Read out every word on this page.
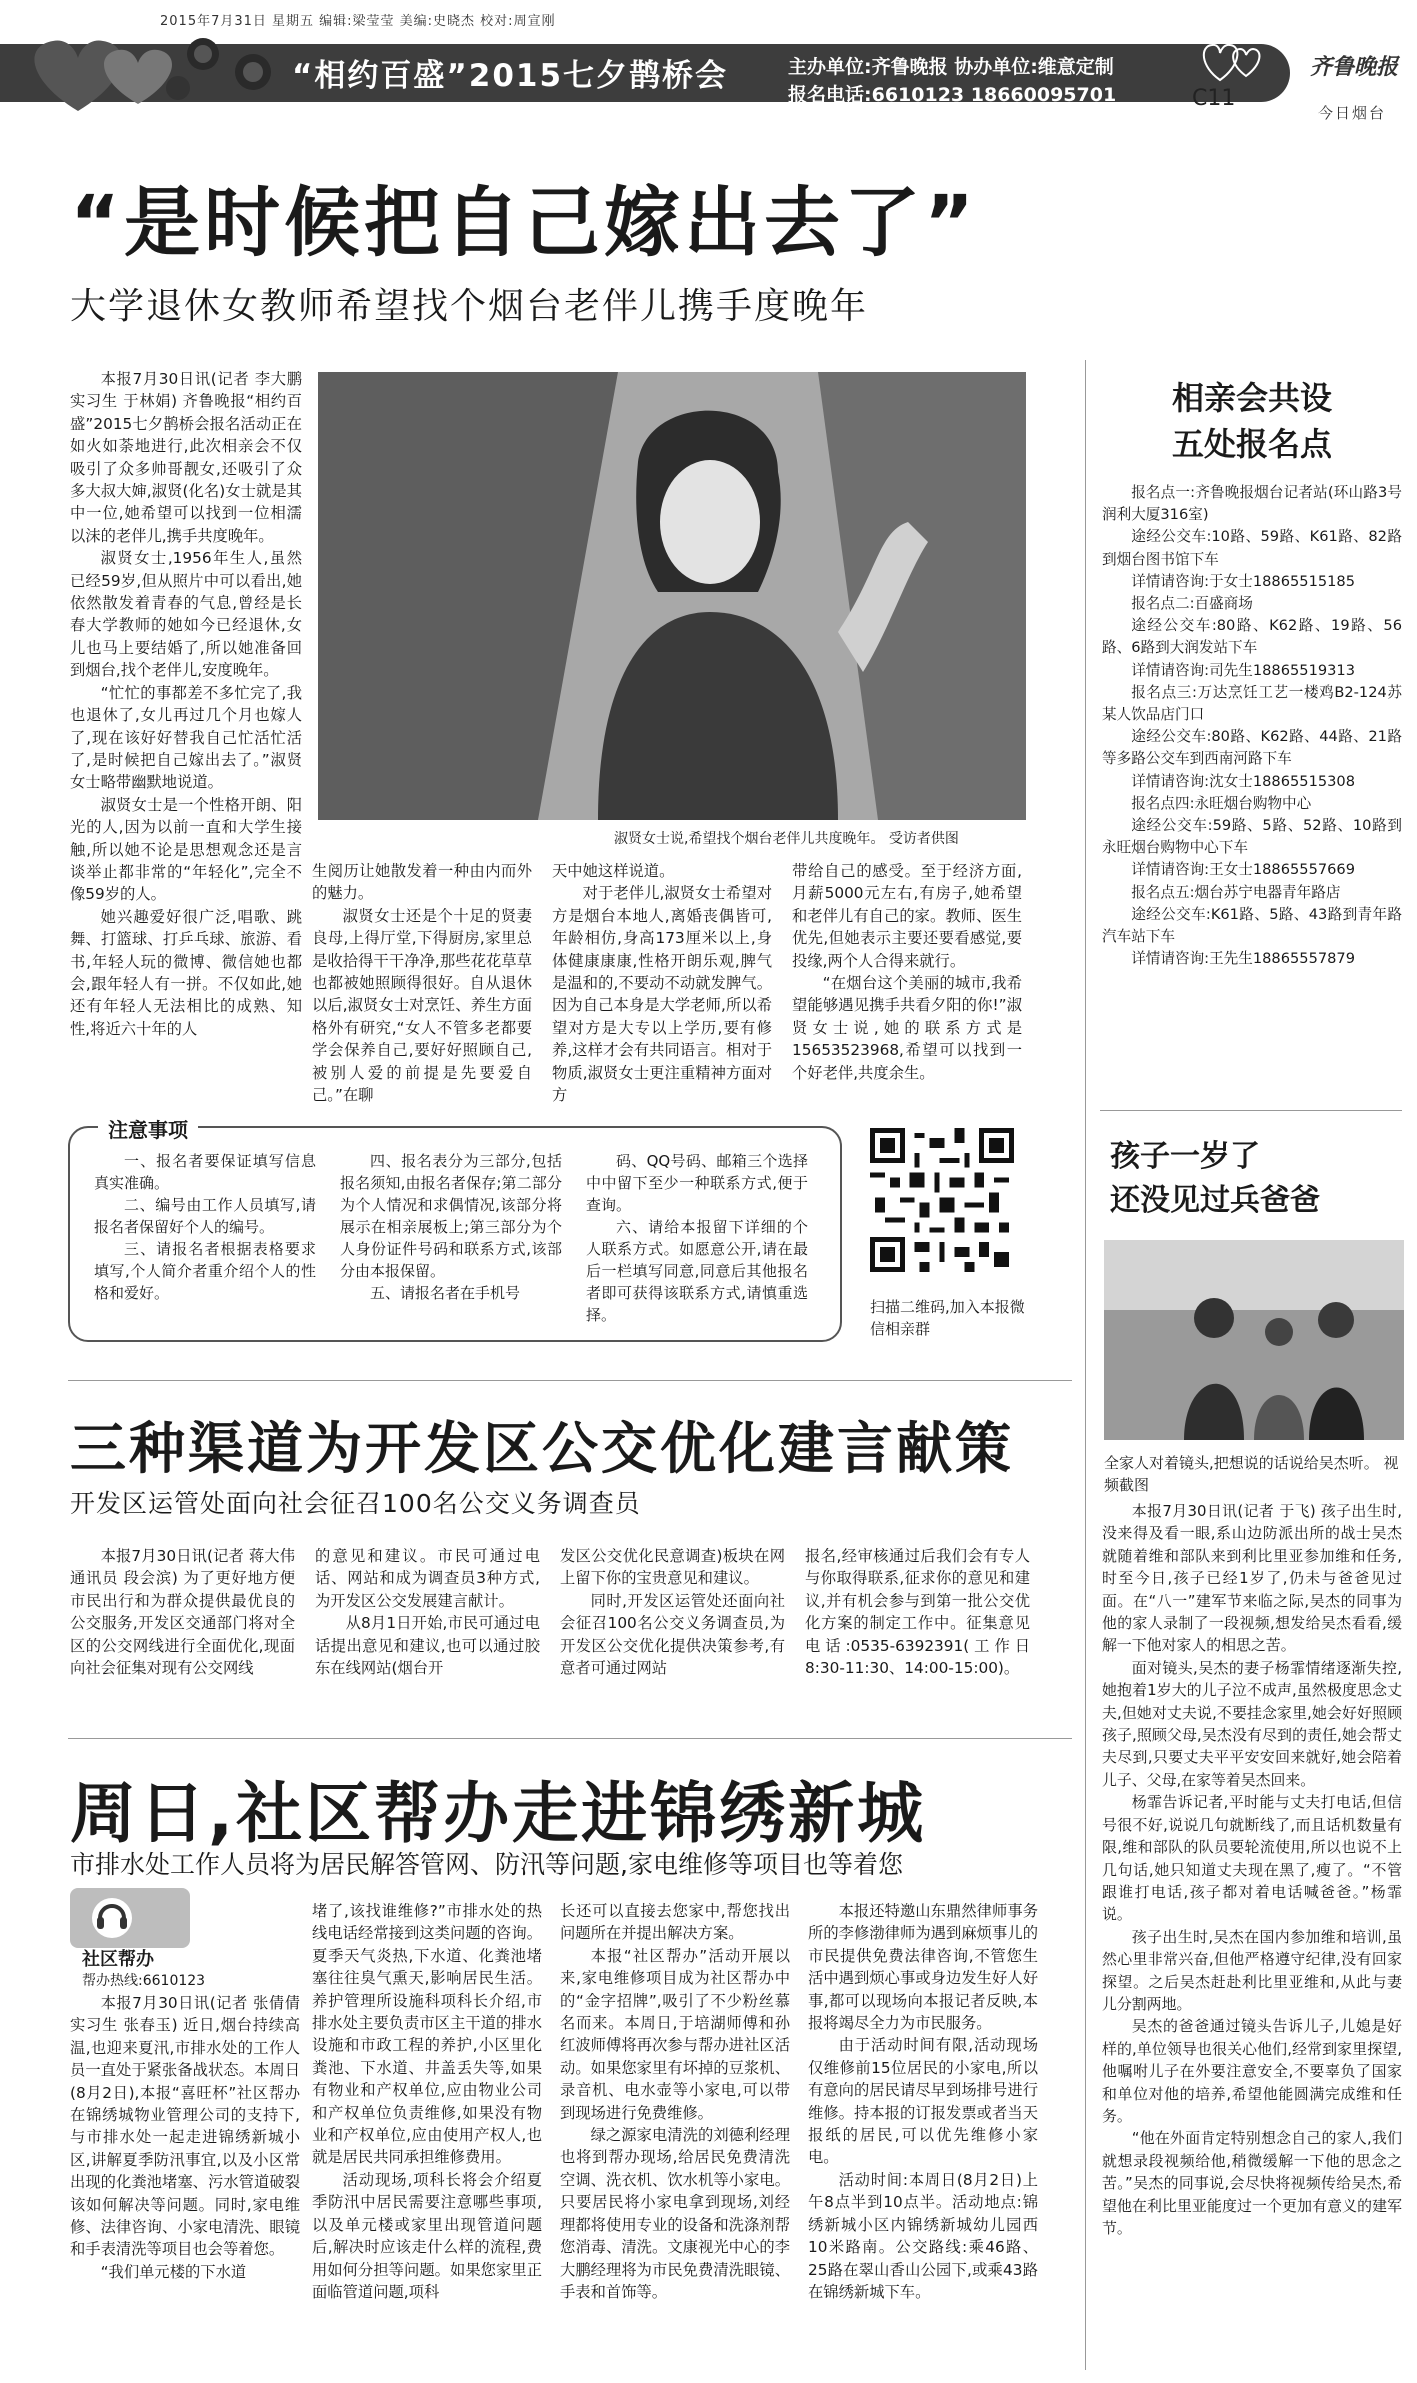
2015年7月31日 星期五 编辑:梁莹莹 美编:史晓杰 校对:周宣刚
“相约百盛”2015七夕鹊桥会	主办单位:齐鲁晚报 协办单位:维意定制
报名电话:6610123 18660095701	C11
齐鲁晚报
今日烟台
“是时候把自己嫁出去了”
大学退休女教师希望找个烟台老伴儿携手度晚年

本报7月30日讯(记者 李大鹏 实习生 于林娟) 齐鲁晚报“相约百盛”2015七夕鹊桥会报名活动正在如火如荼地进行,此次相亲会不仅吸引了众多帅哥靓女,还吸引了众多大叔大婶,淑贤(化名)女士就是其中一位,她希望可以找到一位相濡以沫的老伴儿,携手共度晚年。

淑贤女士,1956年生人,虽然已经59岁,但从照片中可以看出,她依然散发着青春的气息,曾经是长春大学教师的她如今已经退休,女儿也马上要结婚了,所以她准备回到烟台,找个老伴儿,安度晚年。

“忙忙的事都差不多忙完了,我也退休了,女儿再过几个月也嫁人了,现在该好好替我自己忙活忙活了,是时候把自己嫁出去了。”淑贤女士略带幽默地说道。

淑贤女士是一个性格开朗、阳光的人,因为以前一直和大学生接触,所以她不论是思想观念还是言谈举止都非常的“年轻化”,完全不像59岁的人。

她兴趣爱好很广泛,唱歌、跳舞、打篮球、打乒乓球、旅游、看书,年轻人玩的微博、微信她也都会,跟年轻人有一拼。不仅如此,她还有年轻人无法相比的成熟、知性,将近六十年的人

淑贤女士说,希望找个烟台老伴儿共度晚年。 受访者供图

生阅历让她散发着一种由内而外的魅力。

淑贤女士还是个十足的贤妻良母,上得厅堂,下得厨房,家里总是收拾得干干净净,那些花花草草也都被她照顾得很好。自从退休以后,淑贤女士对烹饪、养生方面格外有研究,“女人不管多老都要学会保养自己,要好好照顾自己,被别人爱的前提是先要爱自己。”在聊

天中她这样说道。

对于老伴儿,淑贤女士希望对方是烟台本地人,离婚丧偶皆可,年龄相仿,身高173厘米以上,身体健康康康,性格开朗乐观,脾气是温和的,不要动不动就发脾气。因为自己本身是大学老师,所以希望对方是大专以上学历,要有修养,这样才会有共同语言。相对于物质,淑贤女士更注重精神方面对方

带给自己的感受。至于经济方面,月薪5000元左右,有房子,她希望和老伴儿有自己的家。教师、医生优先,但她表示主要还要看感觉,要投缘,两个人合得来就行。

“在烟台这个美丽的城市,我希望能够遇见携手共看夕阳的你!”淑贤女士说,她的联系方式是15653523968,希望可以找到一个好老伴,共度余生。

注意事项

一、报名者要保证填写信息真实准确。

二、编号由工作人员填写,请报名者保留好个人的编号。

三、请报名者根据表格要求填写,个人简介者重介绍个人的性格和爱好。

四、报名表分为三部分,包括报名须知,由报名者保存;第二部分为个人情况和求偶情况,该部分将展示在相亲展板上;第三部分为个人身份证件号码和联系方式,该部分由本报保留。

五、请报名者在手机号

码、QQ号码、邮箱三个选择中中留下至少一种联系方式,便于查询。

六、请给本报留下详细的个人联系方式。如愿意公开,请在最后一栏填写同意,同意后其他报名者即可获得该联系方式,请慎重选择。	扫描二维码,加入本报微信相亲群
相亲会共设
五处报名点

报名点一:齐鲁晚报烟台记者站(环山路3号润利大厦316室)

途经公交车:10路、59路、K61路、82路到烟台图书馆下车

详情请咨询:于女士18865515185

报名点二:百盛商场

途经公交车:80路、K62路、19路、56路、6路到大润发站下车

详情请咨询:司先生18865519313

报名点三:万达烹饪工艺一楼鸡B2-124苏某人饮品店门口

途经公交车:80路、K62路、44路、21路等多路公交车到西南河路下车

详情请咨询:沈女士18865515308

报名点四:永旺烟台购物中心

途经公交车:59路、5路、52路、10路到永旺烟台购物中心下车

详情请咨询:王女士18865557669

报名点五:烟台苏宁电器青年路店

途经公交车:K61路、5路、43路到青年路汽车站下车

详情请咨询:王先生18865557879

孩子一岁了
还没见过兵爸爸
全家人对着镜头,把想说的话说给吴杰听。 视频截图

本报7月30日讯(记者 于飞) 孩子出生时,没来得及看一眼,系山边防派出所的战士吴杰就随着维和部队来到利比里亚参加维和任务,时至今日,孩子已经1岁了,仍未与爸爸见过面。在“八一”建军节来临之际,吴杰的同事为他的家人录制了一段视频,想发给吴杰看看,缓解一下他对家人的相思之苦。

面对镜头,吴杰的妻子杨霏情绪逐渐失控,她抱着1岁大的儿子泣不成声,虽然极度思念丈夫,但她对丈夫说,不要挂念家里,她会好好照顾孩子,照顾父母,吴杰没有尽到的责任,她会帮丈夫尽到,只要丈夫平平安安回来就好,她会陪着儿子、父母,在家等着吴杰回来。

杨霏告诉记者,平时能与丈夫打电话,但信号很不好,说说几句就断线了,而且话机数量有限,维和部队的队员要轮流使用,所以也说不上几句话,她只知道丈夫现在黑了,瘦了。“不管跟谁打电话,孩子都对着电话喊爸爸。”杨霏说。

孩子出生时,吴杰在国内参加维和培训,虽然心里非常兴奋,但他严格遵守纪律,没有回家探望。之后吴杰赶赴利比里亚维和,从此与妻儿分割两地。

吴杰的爸爸通过镜头告诉儿子,儿媳是好样的,单位领导也很关心他们,经常到家里探望,他嘱咐儿子在外要注意安全,不要辜负了国家和单位对他的培养,希望他能圆满完成维和任务。

“他在外面肯定特别想念自己的家人,我们就想录段视频给他,稍微缓解一下他的思念之苦。”吴杰的同事说,会尽快将视频传给吴杰,希望他在利比里亚能度过一个更加有意义的建军节。

三种渠道为开发区公交优化建言献策
开发区运管处面向社会征召100名公交义务调查员

本报7月30日讯(记者 蒋大伟 通讯员 段会滨) 为了更好地方便市民出行和为群众提供最优良的公交服务,开发区交通部门将对全区的公交网线进行全面优化,现面向社会征集对现有公交网线

的意见和建议。市民可通过电话、网站和成为调查员3种方式,为开发区公交发展建言献计。

从8月1日开始,市民可通过电话提出意见和建议,也可以通过胶东在线网站(烟台开

发区公交优化民意调查)板块在网上留下你的宝贵意见和建议。

同时,开发区运管处还面向社会征召100名公交义务调查员,为开发区公交优化提供决策参考,有意者可通过网站

报名,经审核通过后我们会有专人与你取得联系,征求你的意见和建议,并有机会参与到第一批公交优化方案的制定工作中。征集意见电话:0535-6392391(工作日8:30-11:30、14:00-15:00)。

周日,社区帮办走进锦绣新城
市排水处工作人员将为居民解答管网、防汛等问题,家电维修等项目也等着您
社区帮办
帮办热线:6610123

本报7月30日讯(记者 张倩倩 实习生 张春玉) 近日,烟台持续高温,也迎来夏汛,市排水处的工作人员一直处于紧张备战状态。本周日(8月2日),本报“喜旺杯”社区帮办在锦绣城物业管理公司的支持下,与市排水处一起走进锦绣新城小区,讲解夏季防汛事宜,以及小区常出现的化粪池堵塞、污水管道破裂该如何解决等问题。同时,家电维修、法律咨询、小家电清洗、眼镜和手表清洗等项目也会等着您。

“我们单元楼的下水道

堵了,该找谁维修?”市排水处的热线电话经常接到这类问题的咨询。夏季天气炎热,下水道、化粪池堵塞往往臭气熏天,影响居民生活。养护管理所设施科项科长介绍,市排水处主要负责市区主干道的排水设施和市政工程的养护,小区里化粪池、下水道、井盖丢失等,如果有物业和产权单位,应由物业公司和产权单位负责维修,如果没有物业和产权单位,应由使用产权人,也就是居民共同承担维修费用。

活动现场,项科长将会介绍夏季防汛中居民需要注意哪些事项,以及单元楼或家里出现管道问题后,解决时应该走什么样的流程,费用如何分担等问题。如果您家里正面临管道问题,项科

长还可以直接去您家中,帮您找出问题所在并提出解决方案。

本报“社区帮办”活动开展以来,家电维修项目成为社区帮办中的“金字招牌”,吸引了不少粉丝慕名而来。本周日,于培湖师傅和孙红波师傅将再次参与帮办进社区活动。如果您家里有坏掉的豆浆机、录音机、电水壶等小家电,可以带到现场进行免费维修。

绿之源家电清洗的刘德利经理也将到帮办现场,给居民免费清洗空调、洗衣机、饮水机等小家电。只要居民将小家电拿到现场,刘经理都将使用专业的设备和洗涤剂帮您消毒、清洗。文康视光中心的李大鹏经理将为市民免费清洗眼镜、手表和首饰等。

本报还特邀山东鼎然律师事务所的李修渤律师为遇到麻烦事儿的市民提供免费法律咨询,不管您生活中遇到烦心事或身边发生好人好事,都可以现场向本报记者反映,本报将竭尽全力为市民服务。

由于活动时间有限,活动现场仅维修前15位居民的小家电,所以有意向的居民请尽早到场排号进行维修。持本报的订报发票或者当天报纸的居民,可以优先维修小家电。

活动时间:本周日(8月2日)上午8点半到10点半。活动地点:锦绣新城小区内锦绣新城幼儿园西10米路南。公交路线:乘46路、25路在翠山香山公园下,或乘43路在锦绣新城下车。
